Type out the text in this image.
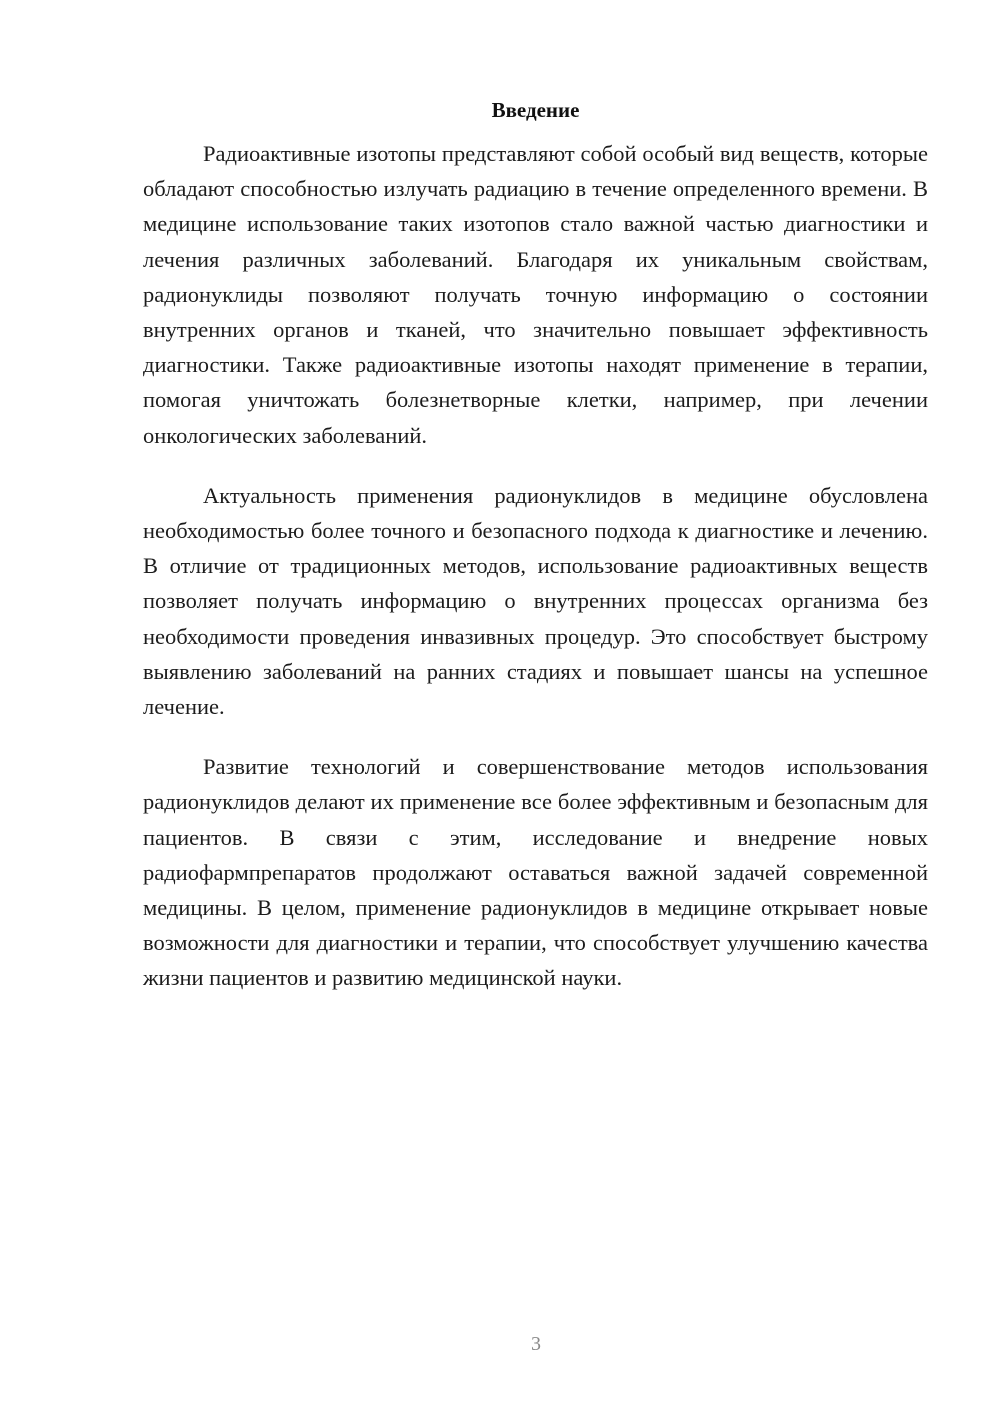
Введение

Радиоактивные изотопы представляют собой особый вид веществ, которые обладают способностью излучать радиацию в течение определенного времени. В медицине использование таких изотопов стало важной частью диагностики и лечения различных заболеваний. Благодаря их уникальным свойствам, радионуклиды позволяют получать точную информацию о состоянии внутренних органов и тканей, что значительно повышает эффективность диагностики. Также радиоактивные изотопы находят применение в терапии, помогая уничтожать болезнетворные клетки, например, при лечении онкологических заболеваний.

Актуальность применения радионуклидов в медицине обусловлена необходимостью более точного и безопасного подхода к диагностике и лечению. В отличие от традиционных методов, использование радиоактивных веществ позволяет получать информацию о внутренних процессах организма без необходимости проведения инвазивных процедур. Это способствует быстрому выявлению заболеваний на ранних стадиях и повышает шансы на успешное лечение.

Развитие технологий и совершенствование методов использования радионуклидов делают их применение все более эффективным и безопасным для пациентов. В связи с этим, исследование и внедрение новых радиофармпрепаратов продолжают оставаться важной задачей современной медицины. В целом, применение радионуклидов в медицине открывает новые возможности для диагностики и терапии, что способствует улучшению качества жизни пациентов и развитию медицинской науки.

3
